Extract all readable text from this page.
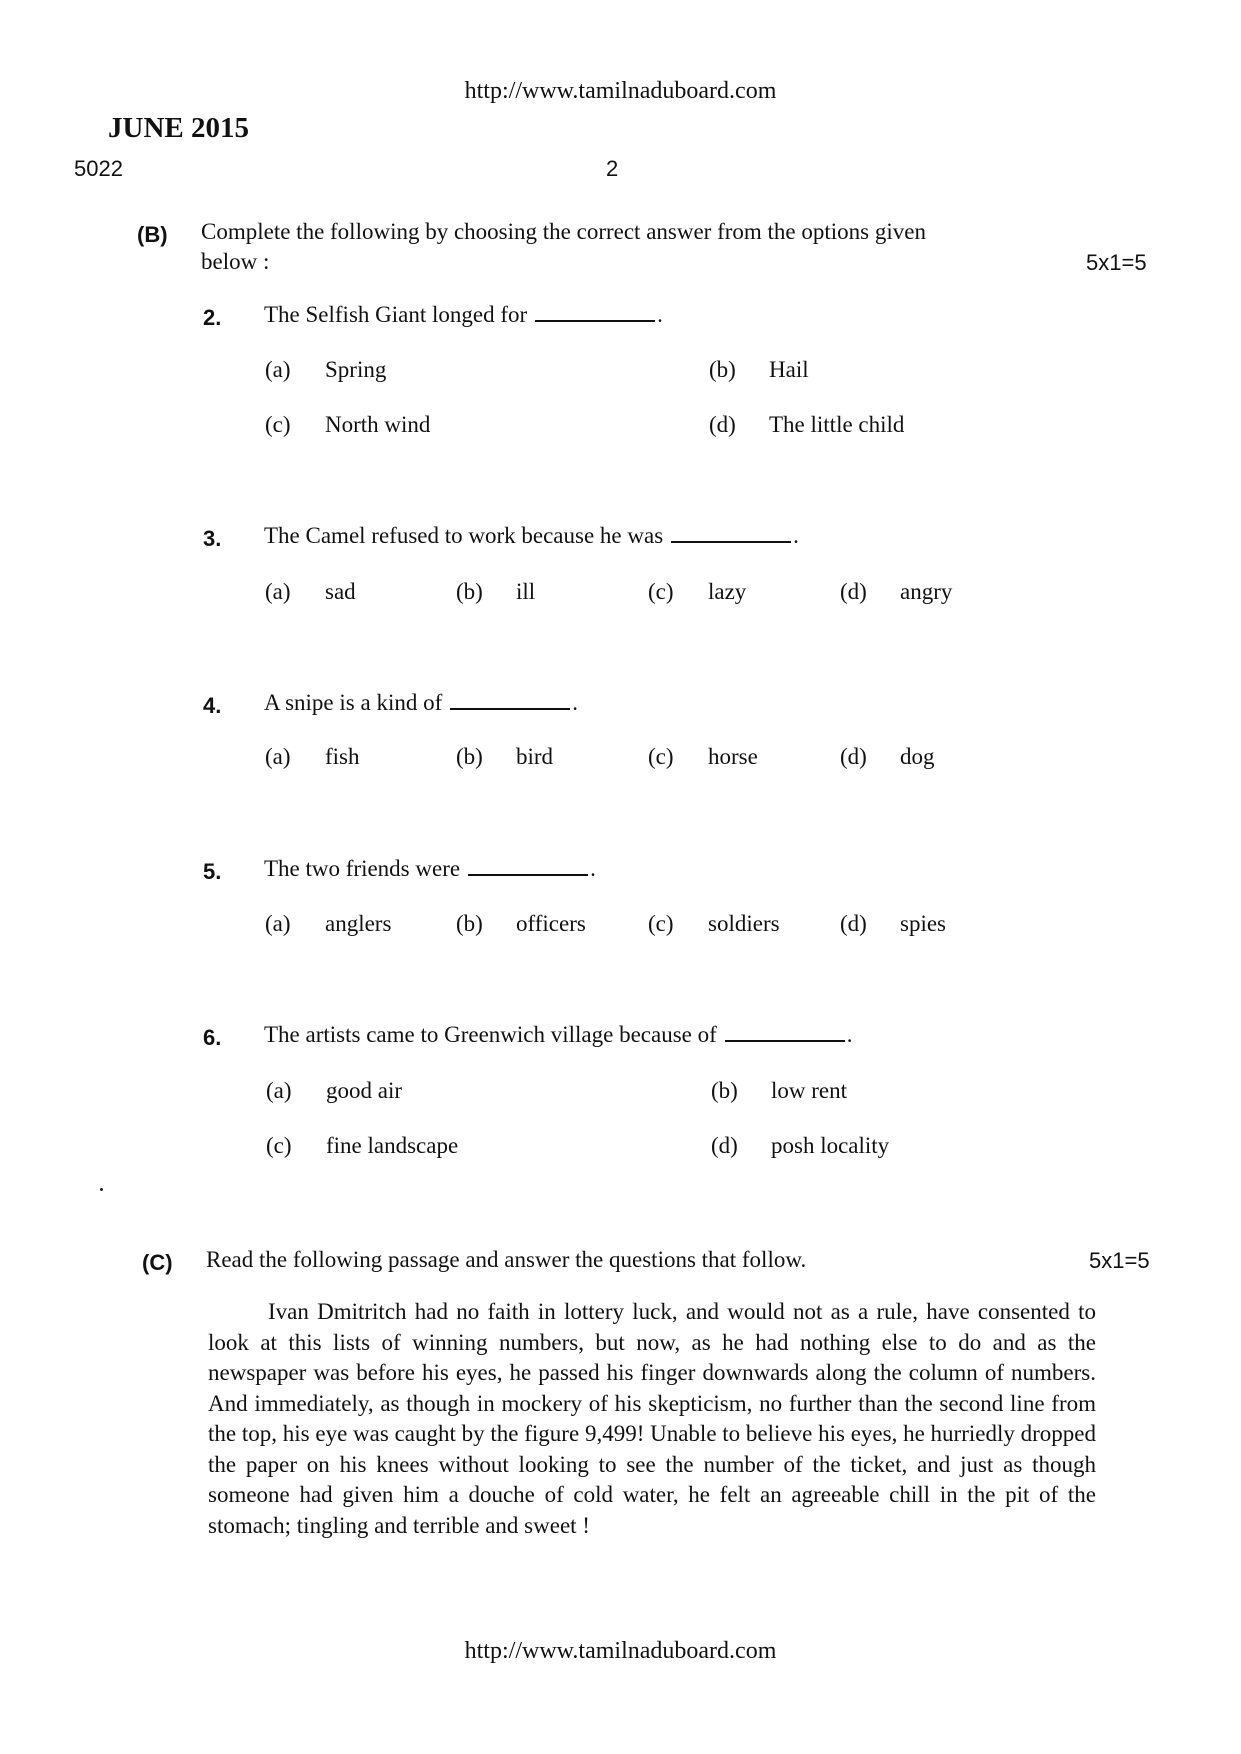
http://www.tamilnaduboard.com
JUNE 2015
5022	2
(B) Complete the following by choosing the correct answer from the options given
below :	5x1=5
2.	The Selfish Giant longed for	.
(a) Spring	(b) Hail
(c) North wind	(d) The little child
3.	The Camel refused to work because he was	.
(a) sad	(b) ill	(c) lazy	(d) angry
4.	A snipe is a kind of	.
(a) fish	(b) bird	(c) horse	(d) dog
5.	The two friends were	.
(a) anglers	(b) officers	(c) soldiers	(d) spies
6.	The artists came to Greenwich village because of	.
(a) good air	(b) low rent
(c) fine landscape	(d) posh locality
(C) Read the following passage and answer the questions that follow.	5x1=5
Ivan Dmitritch had no faith in lottery luck, and would not as a rule, have consented to look at this lists of winning numbers, but now, as he had nothing else to do and as the newspaper was before his eyes, he passed his finger downwards along the column of numbers. And immediately, as though in mockery of his skepticism, no further than the second line from the top, his eye was caught by the figure 9,499! Unable to believe his eyes, he hurriedly dropped the paper on his knees without looking to see the number of the ticket, and just as though someone had given him a douche of cold water, he felt an agreeable chill in the pit of the stomach; tingling and terrible and sweet !
http://www.tamilnaduboard.com
